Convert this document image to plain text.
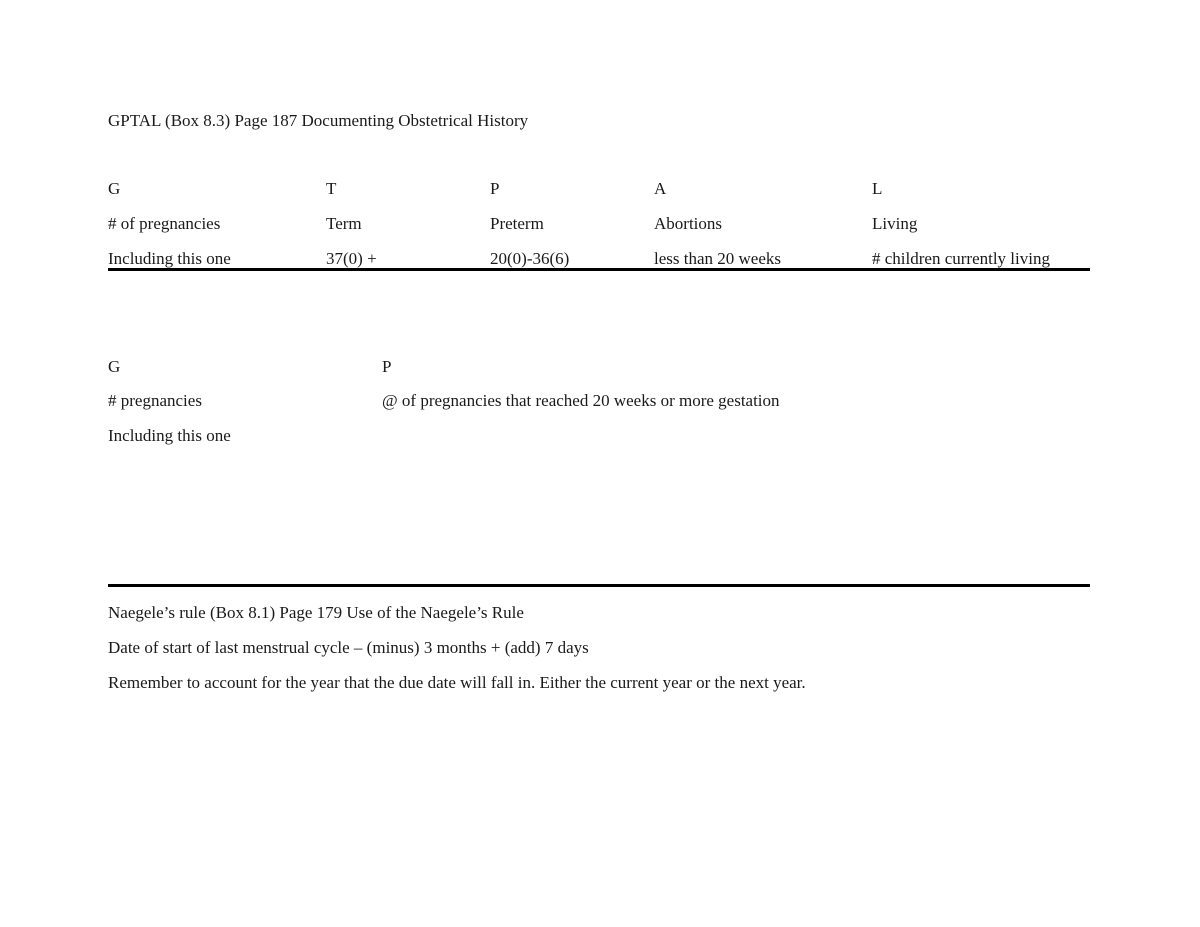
GPTAL (Box 8.3) Page 187 Documenting Obstetrical History
G	T	P	A	L
# of pregnancies	Term	Preterm	Abortions	Living
Including this one	37(0) +	20(0)-36(6)	less than 20 weeks	# children currently living
G	P
# pregnancies	@ of pregnancies that reached 20 weeks or more gestation
Including this one
Naegele’s rule (Box 8.1) Page 179 Use of the Naegele’s Rule
Date of start of last menstrual cycle – (minus) 3 months + (add) 7 days
Remember to account for the year that the due date will fall in. Either the current year or the next year.
